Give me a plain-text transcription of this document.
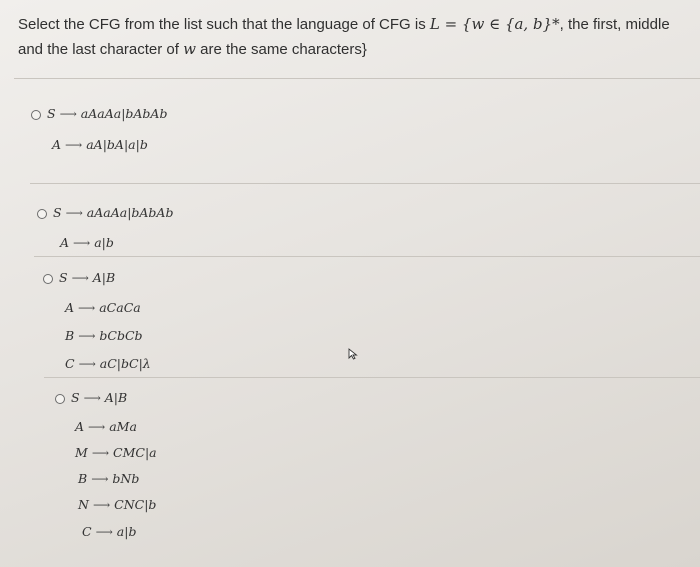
Select the CFG from the list such that the language of CFG is L = {w ∈ {a, b}*, the first, middle
and the last character of w are the same characters}
S ⟶ aAaAa|bAbAb
A ⟶ aA|bA|a|b
S ⟶ aAaAa|bAbAb
A ⟶ a|b
S ⟶ A|B
A ⟶ aCaCa
B ⟶ bCbCb
C ⟶ aC|bC|λ
S ⟶ A|B
A ⟶ aMa
M ⟶ CMC|a
B ⟶ bNb
N ⟶ CNC|b
C ⟶ a|b
